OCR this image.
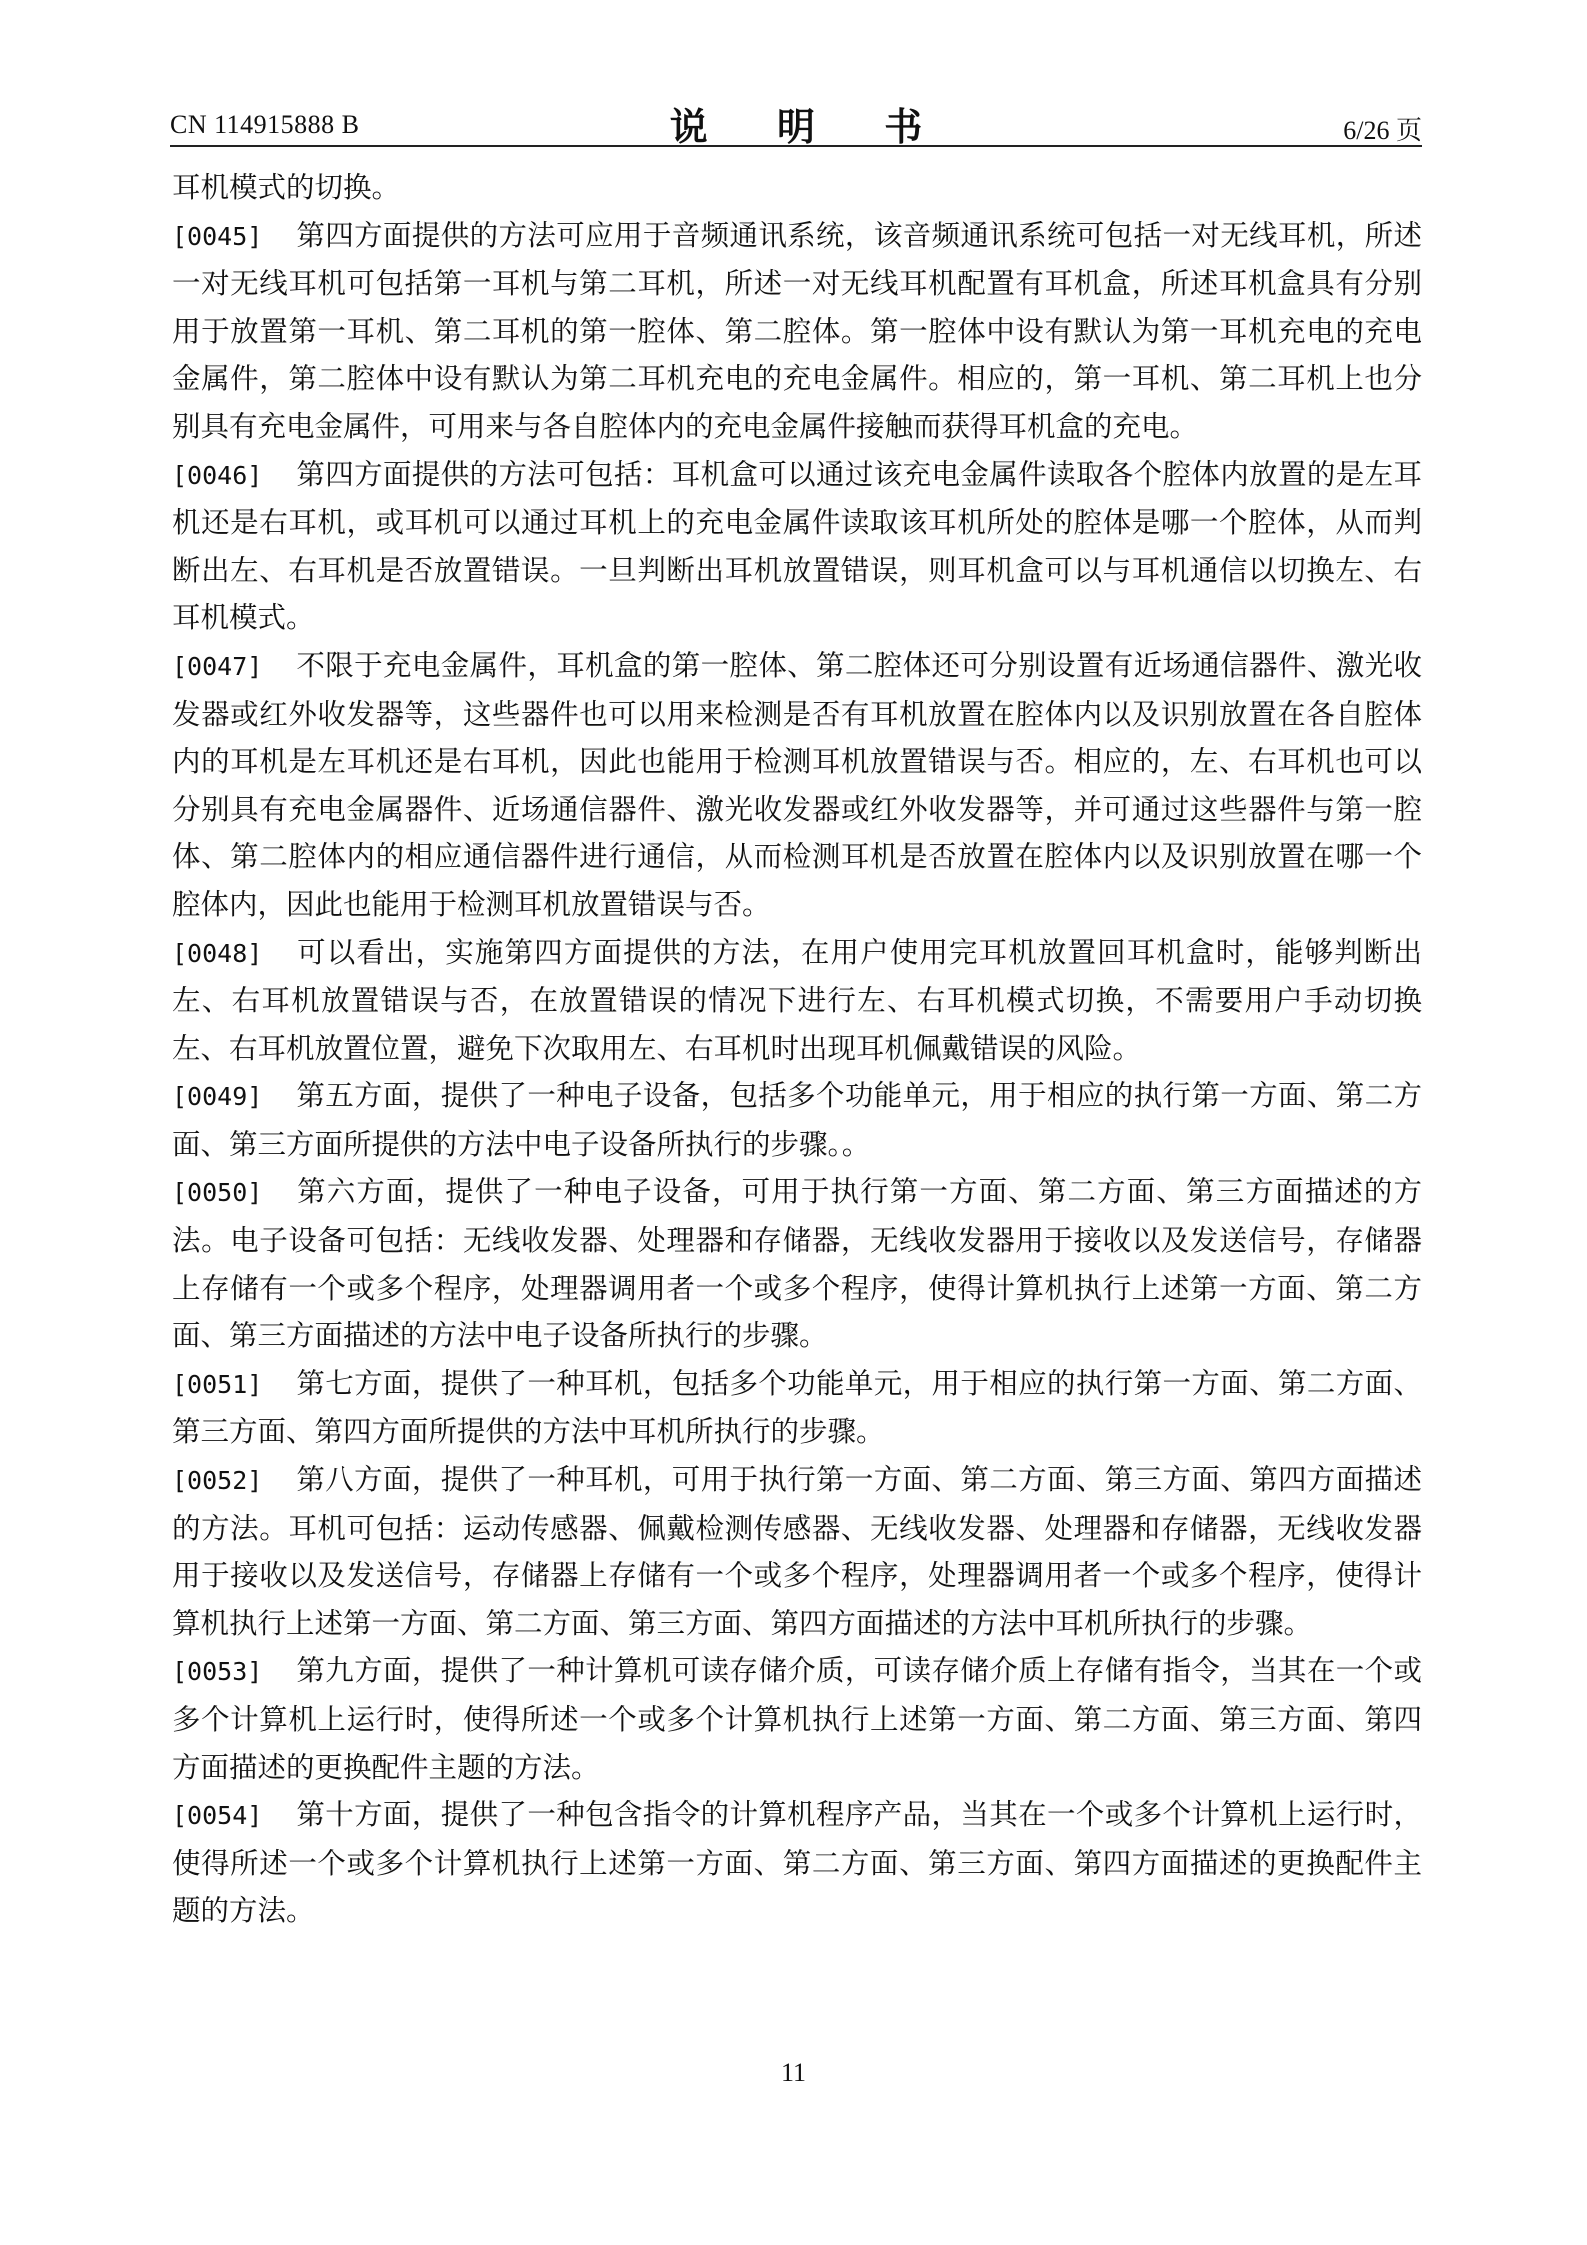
CN 114915888 B	说 明 书	6/26 页

耳机模式的切换。

[0045] 第四方面提供的方法可应用于音频通讯系统，该音频通讯系统可包括一对无线耳机，所述一对无线耳机可包括第一耳机与第二耳机，所述一对无线耳机配置有耳机盒，所述耳机盒具有分别用于放置第一耳机、第二耳机的第一腔体、第二腔体。第一腔体中设有默认为第一耳机充电的充电金属件，第二腔体中设有默认为第二耳机充电的充电金属件。相应的，第一耳机、第二耳机上也分别具有充电金属件，可用来与各自腔体内的充电金属件接触而获得耳机盒的充电。

[0046] 第四方面提供的方法可包括：耳机盒可以通过该充电金属件读取各个腔体内放置的是左耳机还是右耳机，或耳机可以通过耳机上的充电金属件读取该耳机所处的腔体是哪一个腔体，从而判断出左、右耳机是否放置错误。一旦判断出耳机放置错误，则耳机盒可以与耳机通信以切换左、右耳机模式。

[0047] 不限于充电金属件，耳机盒的第一腔体、第二腔体还可分别设置有近场通信器件、激光收发器或红外收发器等，这些器件也可以用来检测是否有耳机放置在腔体内以及识别放置在各自腔体内的耳机是左耳机还是右耳机，因此也能用于检测耳机放置错误与否。相应的，左、右耳机也可以分别具有充电金属器件、近场通信器件、激光收发器或红外收发器等，并可通过这些器件与第一腔体、第二腔体内的相应通信器件进行通信，从而检测耳机是否放置在腔体内以及识别放置在哪一个腔体内，因此也能用于检测耳机放置错误与否。

[0048] 可以看出，实施第四方面提供的方法，在用户使用完耳机放置回耳机盒时，能够判断出左、右耳机放置错误与否，在放置错误的情况下进行左、右耳机模式切换，不需要用户手动切换左、右耳机放置位置，避免下次取用左、右耳机时出现耳机佩戴错误的风险。

[0049] 第五方面，提供了一种电子设备，包括多个功能单元，用于相应的执行第一方面、第二方面、第三方面所提供的方法中电子设备所执行的步骤。。

[0050] 第六方面，提供了一种电子设备，可用于执行第一方面、第二方面、第三方面描述的方法。电子设备可包括：无线收发器、处理器和存储器，无线收发器用于接收以及发送信号，存储器上存储有一个或多个程序，处理器调用者一个或多个程序，使得计算机执行上述第一方面、第二方面、第三方面描述的方法中电子设备所执行的步骤。

[0051] 第七方面，提供了一种耳机，包括多个功能单元，用于相应的执行第一方面、第二方面、第三方面、第四方面所提供的方法中耳机所执行的步骤。

[0052] 第八方面，提供了一种耳机，可用于执行第一方面、第二方面、第三方面、第四方面描述的方法。耳机可包括：运动传感器、佩戴检测传感器、无线收发器、处理器和存储器，无线收发器用于接收以及发送信号，存储器上存储有一个或多个程序，处理器调用者一个或多个程序，使得计算机执行上述第一方面、第二方面、第三方面、第四方面描述的方法中耳机所执行的步骤。

[0053] 第九方面，提供了一种计算机可读存储介质，可读存储介质上存储有指令，当其在一个或多个计算机上运行时，使得所述一个或多个计算机执行上述第一方面、第二方面、第三方面、第四方面描述的更换配件主题的方法。

[0054] 第十方面，提供了一种包含指令的计算机程序产品，当其在一个或多个计算机上运行时，使得所述一个或多个计算机执行上述第一方面、第二方面、第三方面、第四方面描述的更换配件主题的方法。

11
